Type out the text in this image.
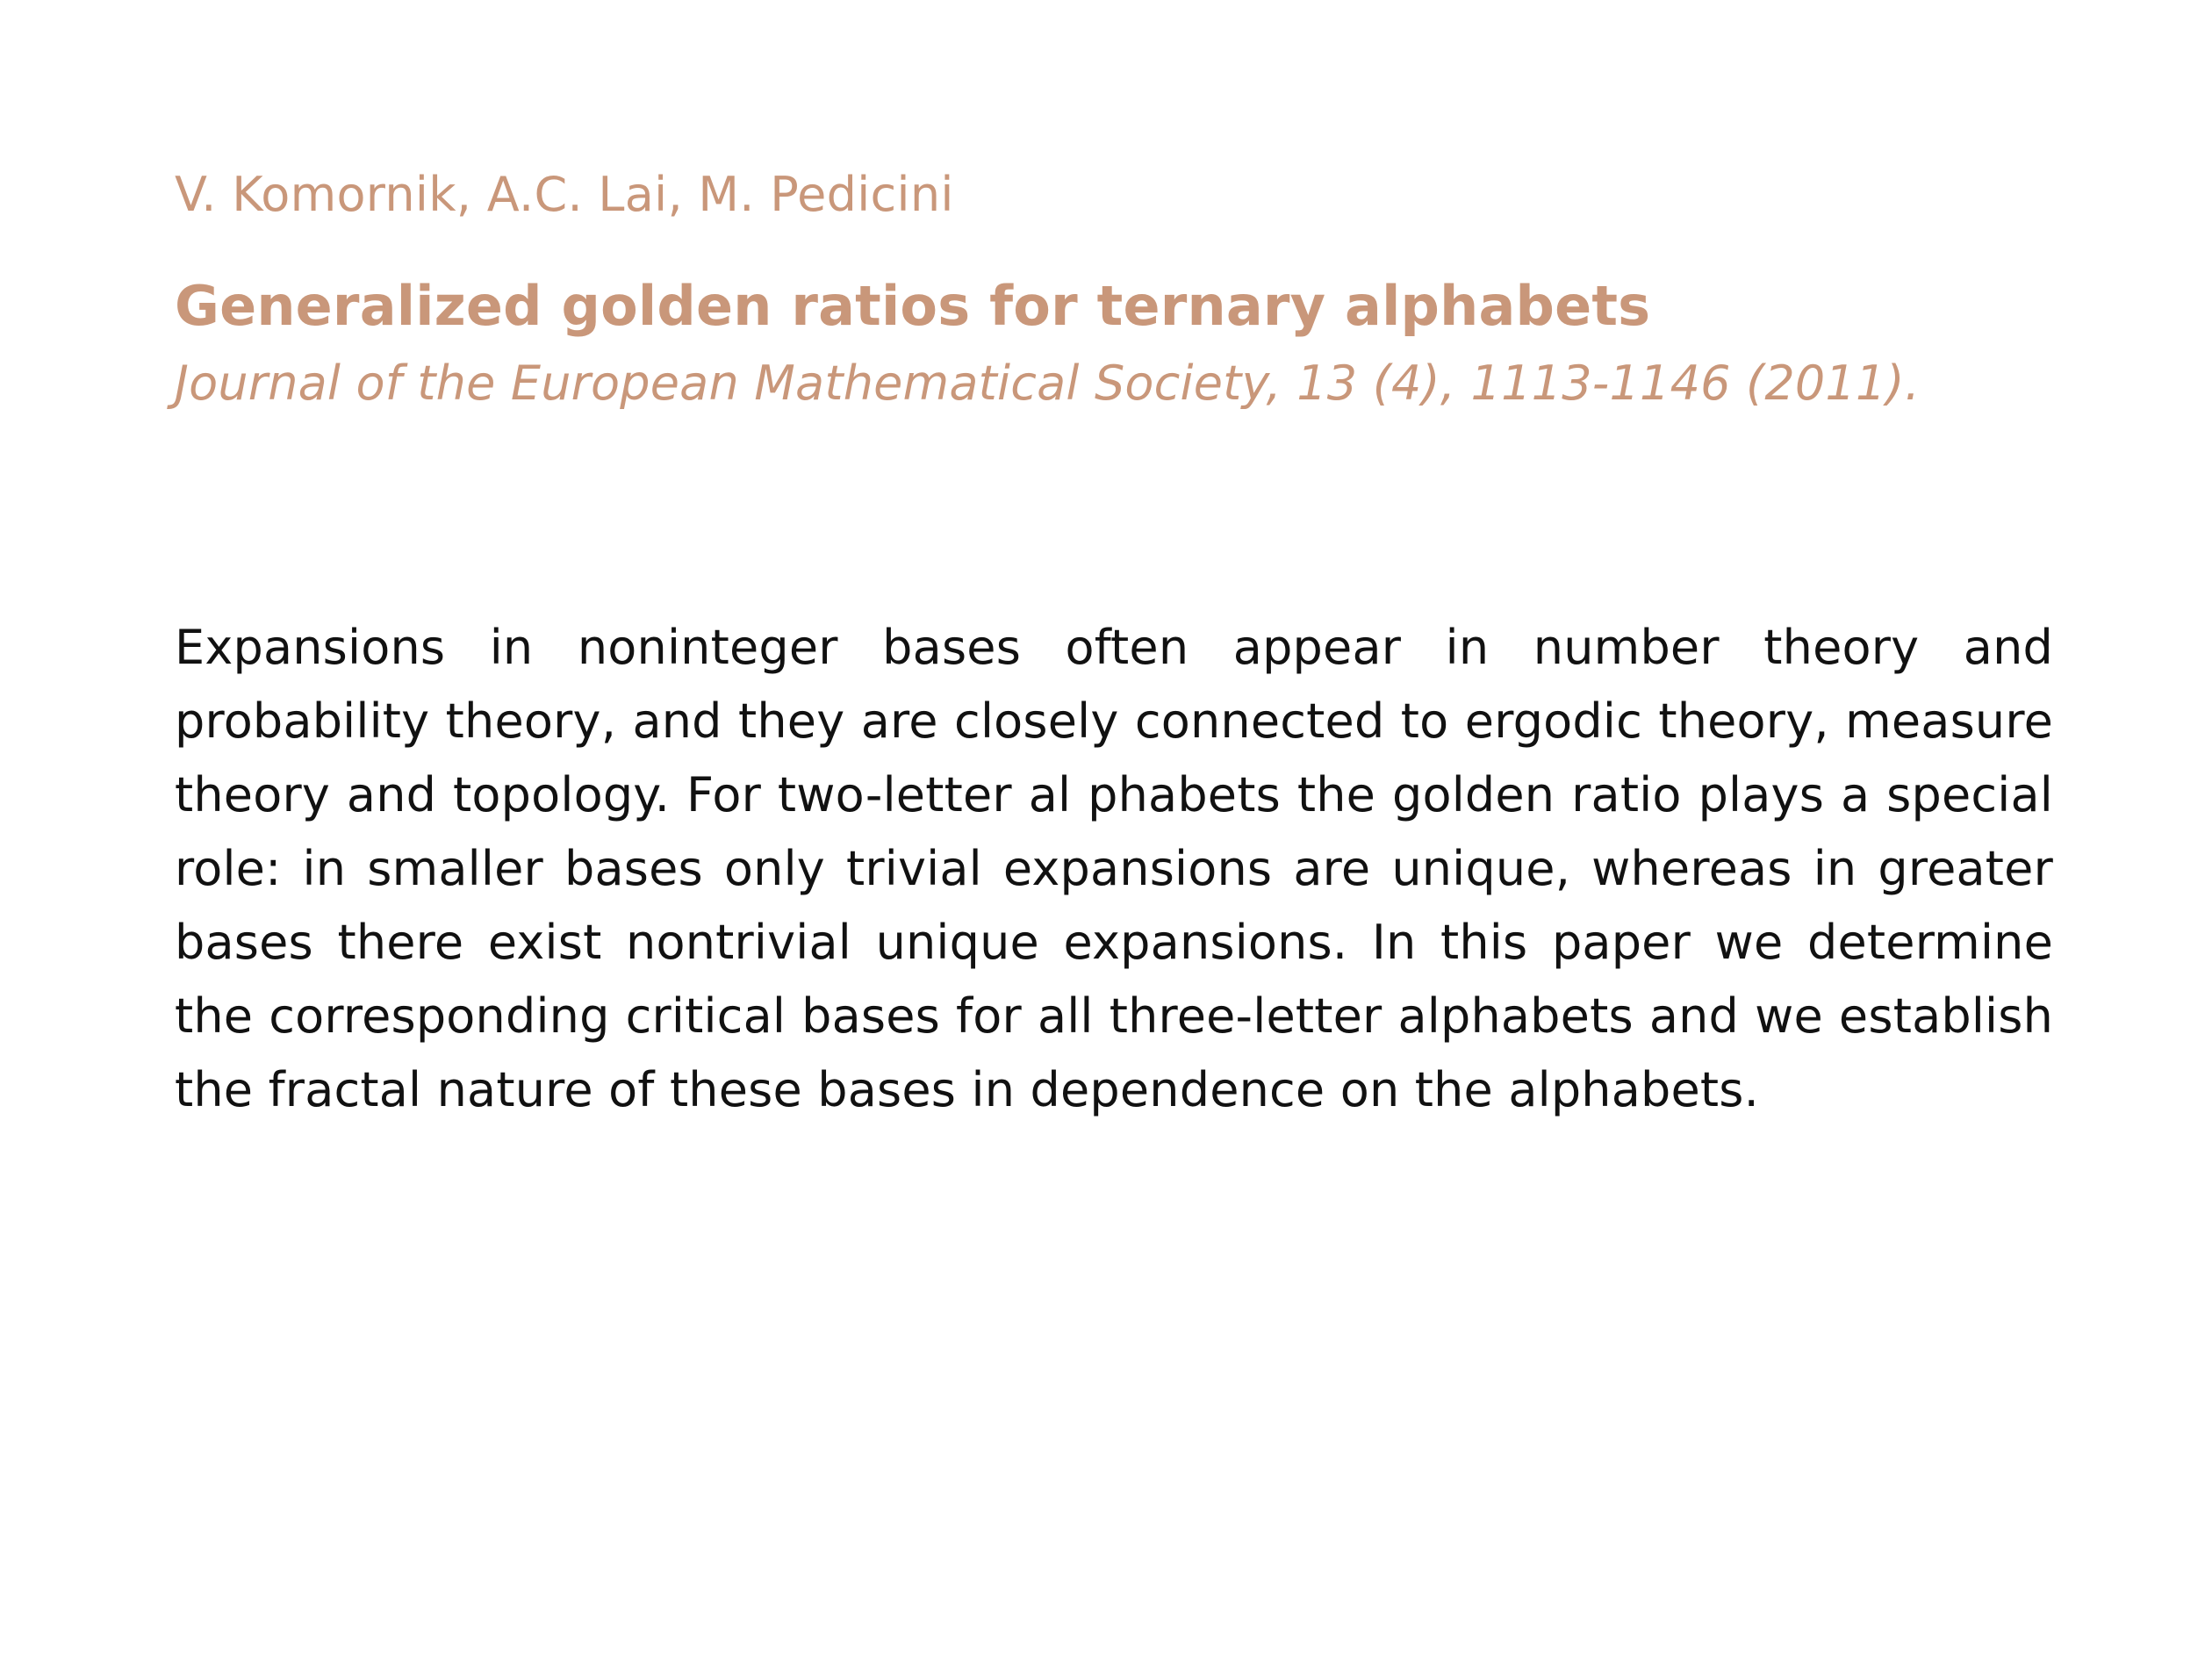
V. Komornik, A.C. Lai, M. Pedicini
Generalized golden ratios for ternary alphabets
Journal of the European Mathematical Society, 13 (4), 1113-1146 (2011).
Expansions in noninteger bases often appear in number theory and probability theory, and they are closely connected to ergodic theory, measure theory and topology. For two-letter al phabets the golden ratio plays a special role: in smaller bases only trivial expansions are unique, whereas in greater bases there exist nontrivial unique expansions. In this paper we determine the corresponding critical bases for all three-letter alphabets and we establish the fractal nature of these bases in dependence on the alphabets.
